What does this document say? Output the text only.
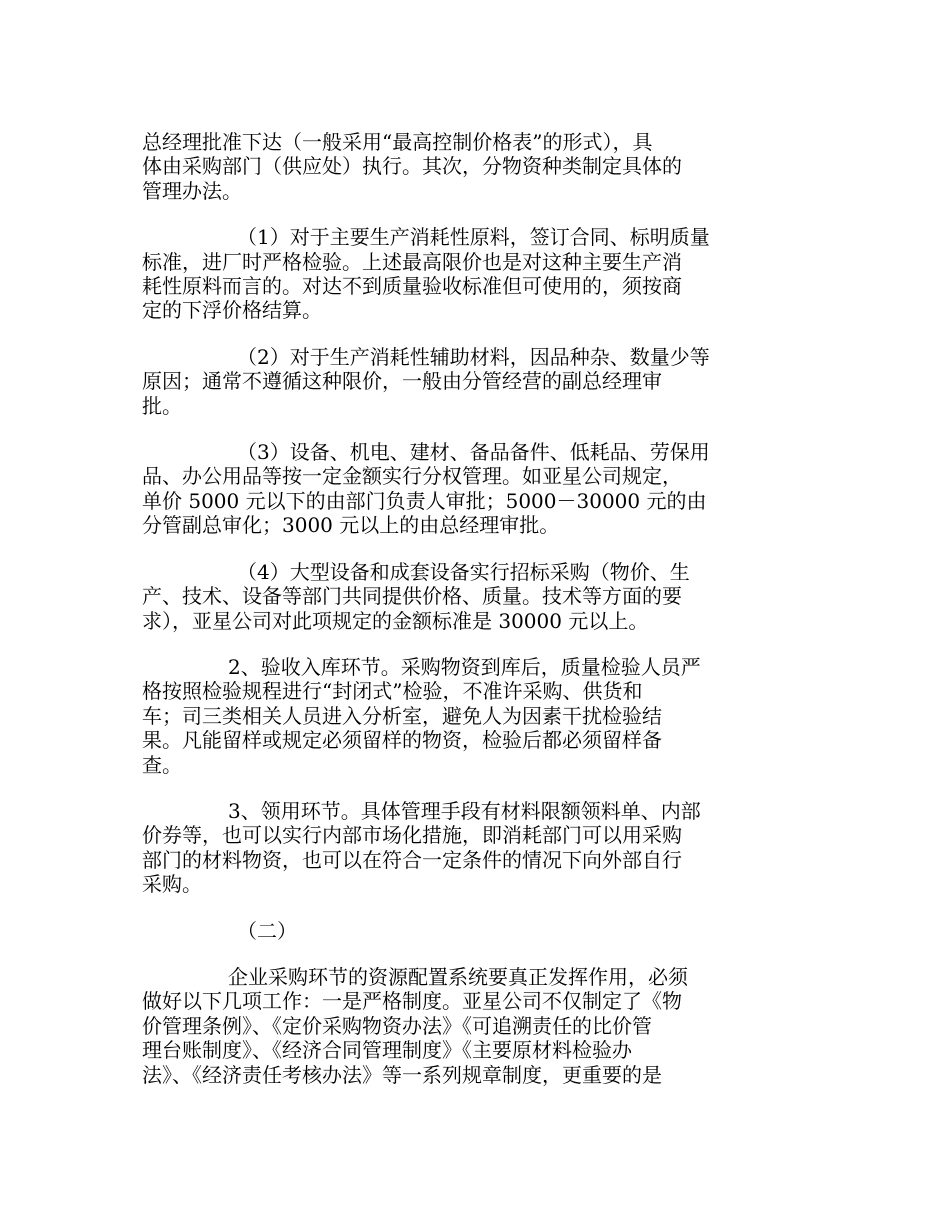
总经理批准下达（一般采用“最高控制价格表”的形式），具
体由采购部门（供应处）执行。其次，分物资种类制定具体的
管理办法。

（1）对于主要生产消耗性原料，签订合同、标明质量
标准，进厂时严格检验。上述最高限价也是对这种主要生产消
耗性原料而言的。对达不到质量验收标准但可使用的，须按商
定的下浮价格结算。

（2）对于生产消耗性辅助材料，因品种杂、数量少等
原因；通常不遵循这种限价，一般由分管经营的副总经理审
批。

（3）设备、机电、建材、备品备件、低耗品、劳保用
品、办公用品等按一定金额实行分权管理。如亚星公司规定，
单价 5000 元以下的由部门负责人审批；5000－30000 元的由
分管副总审化；3000 元以上的由总经理审批。

（4）大型设备和成套设备实行招标采购（物价、生
产、技术、设备等部门共同提供价格、质量。技术等方面的要
求），亚星公司对此项规定的金额标准是 30000 元以上。

2、验收入库环节。采购物资到库后，质量检验人员严
格按照检验规程进行“封闭式”检验，不准许采购、供货和
车；司三类相关人员进入分析室，避免人为因素干扰检验结
果。凡能留样或规定必须留样的物资，检验后都必须留样备
查。

3、领用环节。具体管理手段有材料限额领料单、内部
价券等，也可以实行内部市场化措施，即消耗部门可以用采购
部门的材料物资，也可以在符合一定条件的情况下向外部自行
采购。

（二）

企业采购环节的资源配置系统要真正发挥作用，必须
做好以下几项工作：一是严格制度。亚星公司不仅制定了《物
价管理条例》、《定价采购物资办法》《可追溯责任的比价管
理台账制度》、《经济合同管理制度》《主要原材料检验办
法》、《经济责任考核办法》等一系列规章制度，更重要的是
